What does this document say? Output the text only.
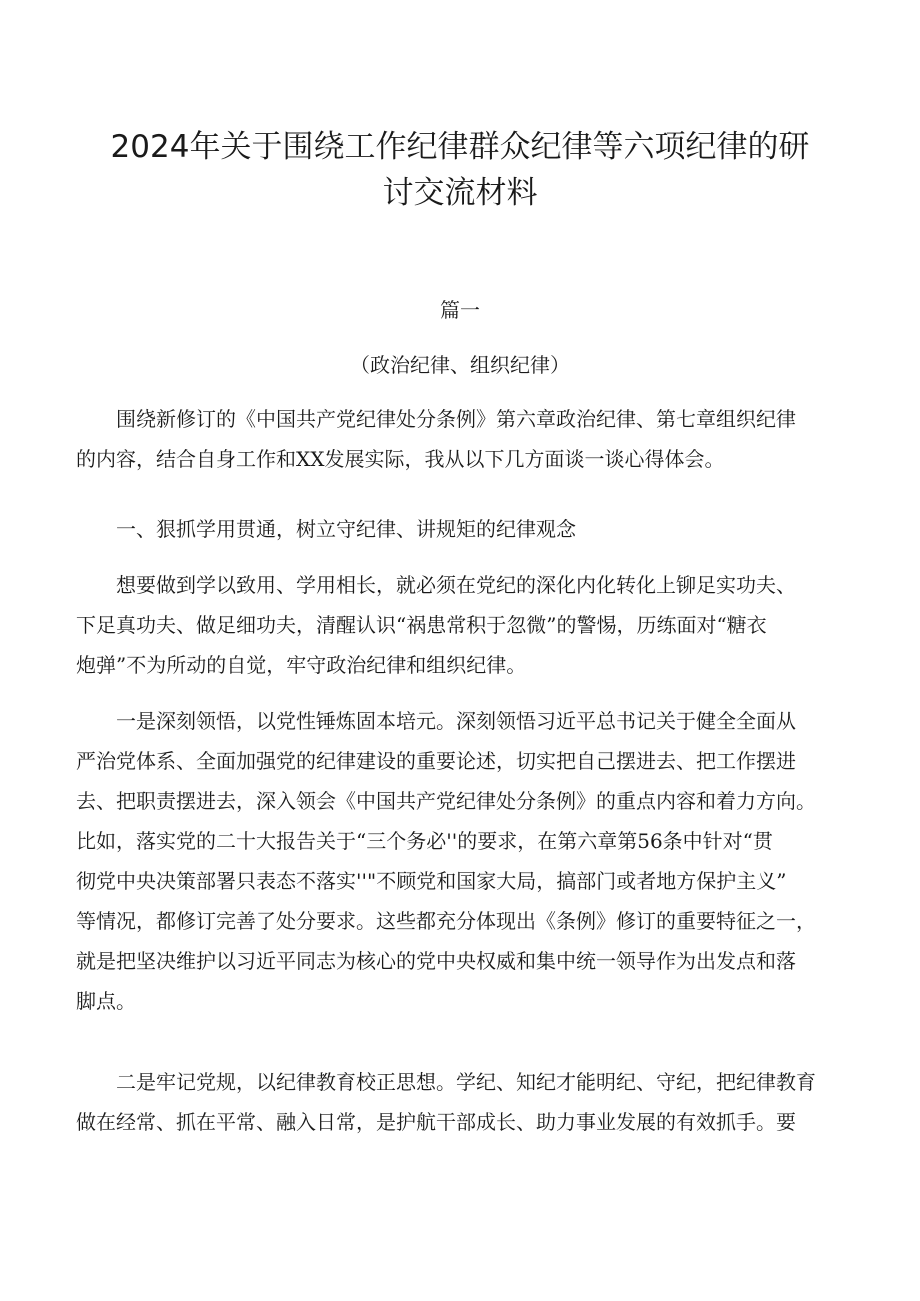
2024年关于围绕工作纪律群众纪律等六项纪律的研
讨交流材料
篇一
（政治纪律、组织纪律）
　　围绕新修订的《中国共产党纪律处分条例》第六章政治纪律、第七章组织纪律
的内容，结合自身工作和XX发展实际，我从以下几方面谈一谈心得体会。
一、狠抓学用贯通，树立守纪律、讲规矩的纪律观念
　　想要做到学以致用、学用相长，就必须在党纪的深化内化转化上铆足实功夫、
下足真功夫、做足细功夫，清醒认识“祸患常积于忽微”的警惕，历练面对“糖衣
炮弹”不为所动的自觉，牢守政治纪律和组织纪律。
　　一是深刻领悟，以党性锤炼固本培元。深刻领悟习近平总书记关于健全全面从
严治党体系、全面加强党的纪律建设的重要论述，切实把自己摆进去、把工作摆进
去、把职责摆进去，深入领会《中国共产党纪律处分条例》的重点内容和着力方向。
比如，落实党的二十大报告关于“三个务必''的要求，在第六章第56条中针对“贯
彻党中央决策部署只表态不落实''"不顾党和国家大局，搞部门或者地方保护主义”
等情况，都修订完善了处分要求。这些都充分体现出《条例》修订的重要特征之一，
就是把坚决维护以习近平同志为核心的党中央权威和集中统一领导作为出发点和落
脚点。
　　二是牢记党规，以纪律教育校正思想。学纪、知纪才能明纪、守纪，把纪律教育
做在经常、抓在平常、融入日常，是护航干部成长、助力事业发展的有效抓手。要
